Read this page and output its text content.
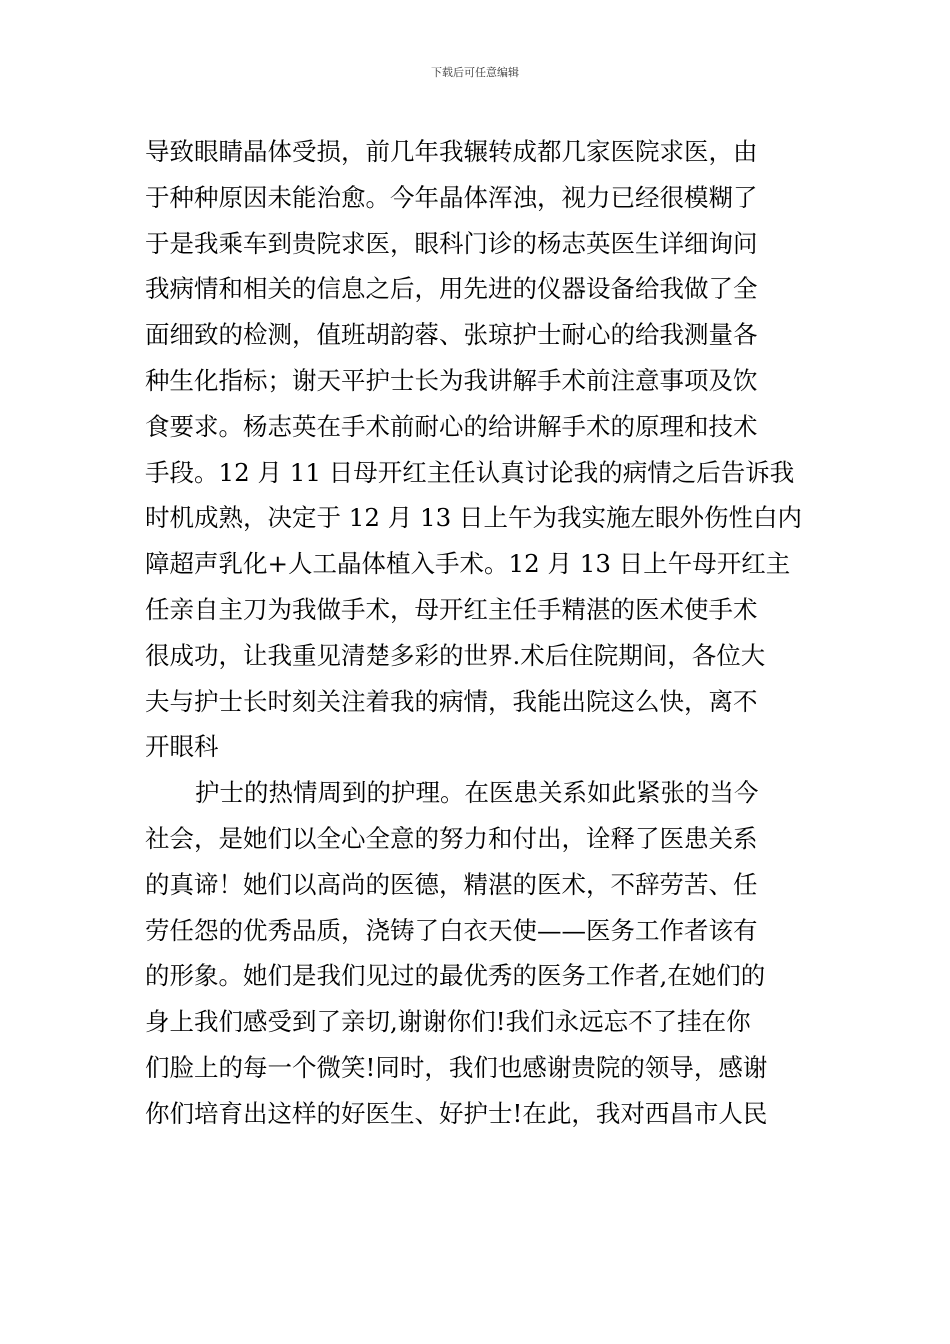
下载后可任意编辑
导致眼睛晶体受损，前几年我辗转成都几家医院求医，由
于种种原因未能治愈。今年晶体浑浊，视力已经很模糊了
于是我乘车到贵院求医，眼科门诊的杨志英医生详细询问
我病情和相关的信息之后，用先进的仪器设备给我做了全
面细致的检测，值班胡韵蓉、张琼护士耐心的给我测量各
种生化指标；谢天平护士长为我讲解手术前注意事项及饮
食要求。杨志英在手术前耐心的给讲解手术的原理和技术
手段。12 月 11 日母开红主任认真讨论我的病情之后告诉我
时机成熟，决定于 12 月 13 日上午为我实施左眼外伤性白内
障超声乳化+人工晶体植入手术。12 月 13 日上午母开红主
任亲自主刀为我做手术，母开红主任手精湛的医术使手术
很成功，让我重见清楚多彩的世界.术后住院期间，各位大
夫与护士长时刻关注着我的病情，我能出院这么快，离不
开眼科
护士的热情周到的护理。在医患关系如此紧张的当今
社会，是她们以全心全意的努力和付出，诠释了医患关系
的真谛！她们以高尚的医德，精湛的医术，不辞劳苦、任
劳任怨的优秀品质，浇铸了白衣天使——医务工作者该有
的形象。她们是我们见过的最优秀的医务工作者,在她们的
身上我们感受到了亲切,谢谢你们!我们永远忘不了挂在你
们脸上的每一个微笑!同时，我们也感谢贵院的领导，感谢
你们培育出这样的好医生、好护士!在此，我对西昌市人民
